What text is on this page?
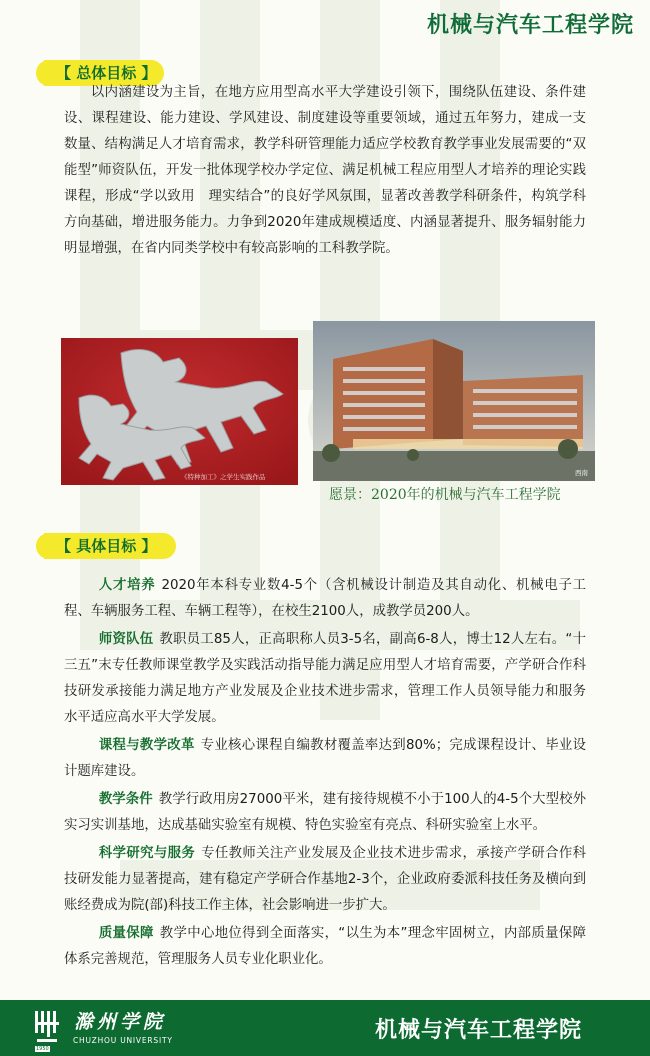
机械与汽车工程学院
【 总体目标 】
以内涵建设为主旨，在地方应用型高水平大学建设引领下，围绕队伍建设、条件建设、课程建设、能力建设、学风建设、制度建设等重要领域，通过五年努力，建成一支数量、结构满足人才培育需求，教学科研管理能力适应学校教育教学事业发展需要的“双能型”师资队伍，开发一批体现学校办学定位、满足机械工程应用型人才培养的理论实践课程，形成“学以致用　理实结合”的良好学风氛围，显著改善教学科研条件，构筑学科方向基础，增进服务能力。力争到2020年建成规模适度、内涵显著提升、服务辐射能力明显增强，在省内同类学校中有较高影响的工科教学院。
《特种加工》之学生实践作品	西南
愿景：2020年的机械与汽车工程学院
【 具体目标 】
人才培养 2020年本科专业数4-5个（含机械设计制造及其自动化、机械电子工程、车辆服务工程、车辆工程等），在校生2100人，成教学员200人。
师资队伍 教职员工85人，正高职称人员3-5名，副高6-8人，博士12人左右。“十三五”末专任教师课堂教学及实践活动指导能力满足应用型人才培育需要，产学研合作科技研发承接能力满足地方产业发展及企业技术进步需求，管理工作人员领导能力和服务水平适应高水平大学发展。
课程与教学改革 专业核心课程自编教材覆盖率达到80%；完成课程设计、毕业设计题库建设。
教学条件 教学行政用房27000平米，建有接待规模不小于100人的4-5个大型校外实习实训基地，达成基础实验室有规模、特色实验室有亮点、科研实验室上水平。
科学研究与服务 专任教师关注产业发展及企业技术进步需求，承接产学研合作科技研发能力显著提高，建有稳定产学研合作基地2-3个，企业政府委派科技任务及横向到账经费成为院(部)科技工作主体，社会影响进一步扩大。
质量保障 教学中心地位得到全面落实，“以生为本”理念牢固树立，内部质量保障体系完善规范，管理服务人员专业化职业化。
1950
滁州学院
CHUZHOU UNIVERSITY	机械与汽车工程学院
